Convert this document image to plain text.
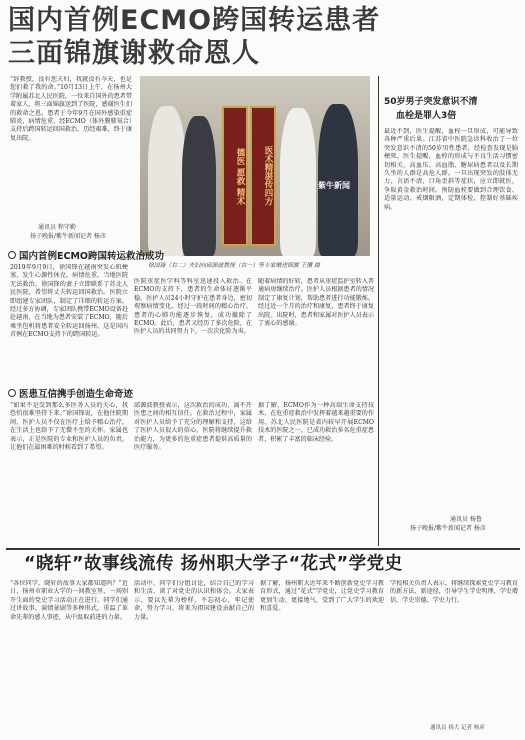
国内首例ECMO跨国转运患者
三面锦旗谢救命恩人
“辞教授，没有您夫妇，我就没有今天，也是您们救了我的命。”10月13日上午，在扬州大学附属苏北人民医院，一位来自国外的患者带着家人，将三面锦旗送到了医院，感谢医生们的救命之恩。患者于今年9月在国外感染重症肺炎，病情危重，经ECMO（体外膜肺氧合）支持后跨国转运回国救治，历经艰难，终于康复出院。
通讯员 程守勤
扬子晚报/紫牛新闻记者 杨彦
德医 愿救 精术	医术精湛传四方	紫牛新闻
徐国锋（右二）夫妇向邱源波教授（右一）等专家赠送锦旗 王懂 摄
50岁男子突发意识不清
血栓是罪人3倍
最近不到，医生提醒，血栓一旦形成，可能导致各种严重后果。江苏省中医院急诊科收治了一位突发意识不清的50岁男性患者，经检查发现是脑梗死。医生提醒，血栓的形成与不良生活习惯密切相关，高血压、高血脂、糖尿病患者以及长期久坐的人群是高危人群。一旦出现突发的肢体无力、言语不清、口角歪斜等症状，应立即就医，争取黄金救治时间。预防血栓要做到合理饮食、适量运动、戒烟限酒，定期体检，控制好基础疾病。
通讯员 杨鲁
扬子晚报/紫牛新闻记者 杨彦
国内首例ECMO跨国转运救治成功
2019年9月9日，徐国锋在越南突发心肌梗塞，发生心源性休克，病情危重，当地医院无法救治。徐国锋的妻子立即联系了苏北人民医院，希望将丈夫转运回国救治。医院立即组建专家团队，制定了详细的转运方案。经过多方协调，专家团队携带ECMO设备赶赴越南，在当地为患者安装了ECMO，随后乘坐包机将患者安全转运回扬州。这是国内首例在ECMO支持下的跨国转运。
医院重症医学科等科室迅速投入救治。在ECMO的支持下，患者的生命体征逐渐平稳。医护人员24小时守护在患者身边，密切观察病情变化。经过一段时间的精心治疗，患者的心肺功能逐步恢复，成功撤除了ECMO。此后，患者又经历了多次危险，在医护人员的共同努力下，一次次化险为夷。
随着病情的好转，患者从重症监护室转入普通病房继续治疗。医护人员根据患者的情况制定了康复计划，帮助患者进行功能锻炼。经过近一个月的治疗和康复，患者终于康复出院。出院时，患者和家属对医护人员表示了衷心的感谢。
医患互信携手创造生命奇迹
“如果不是受到那么多医务人员的关心，我恐怕很难坚持下来。”徐国锋说，在他住院期间，医护人员不仅在医疗上给予精心治疗，在生活上也给予了无微不至的关怀。家属也表示，正是医院的专业和医护人员的负责，让他们在最困难的时候看到了希望。
邱源波教授表示，这次救治的成功，离不开医患之间的相互信任。在救治过程中，家属对医护人员给予了充分的理解和支持，这给了医护人员很大的信心。医院将继续提升救治能力，为更多的危重症患者提供高质量的医疗服务。
据了解，ECMO作为一种高端生命支持技术，在危重症救治中发挥着越来越重要的作用。苏北人民医院是省内较早开展ECMO技术的医院之一，已成功救治多名危重症患者，积累了丰富的临床经验。
“晓轩”故事线流传 扬州职大学子“花式”学党史
“各位同学，晓轩的故事大家都知道吗？”近日，扬州市职业大学的一间教室里，一场别开生面的党史学习活动正在进行。同学们通过讲故事、演情景剧等多种形式，重温了革命先辈的感人事迹，从中汲取前进的力量。
活动中，同学们分组讨论，结合自己的学习和生活，谈了对党史的认识和体会。大家表示，要以先辈为榜样，不忘初心，牢记使命，努力学习，将来为祖国建设贡献自己的力量。
据了解，扬州职大近年来不断创新党史学习教育形式，通过“花式”学党史，让党史学习教育更加生动、更接地气，受到了广大学生的欢迎和喜爱。
学校相关负责人表示，将继续探索党史学习教育的新方法、新途径，引导学生学史明理、学史增信、学史崇德、学史力行。
通讯员 扬大 记者 杨彦
